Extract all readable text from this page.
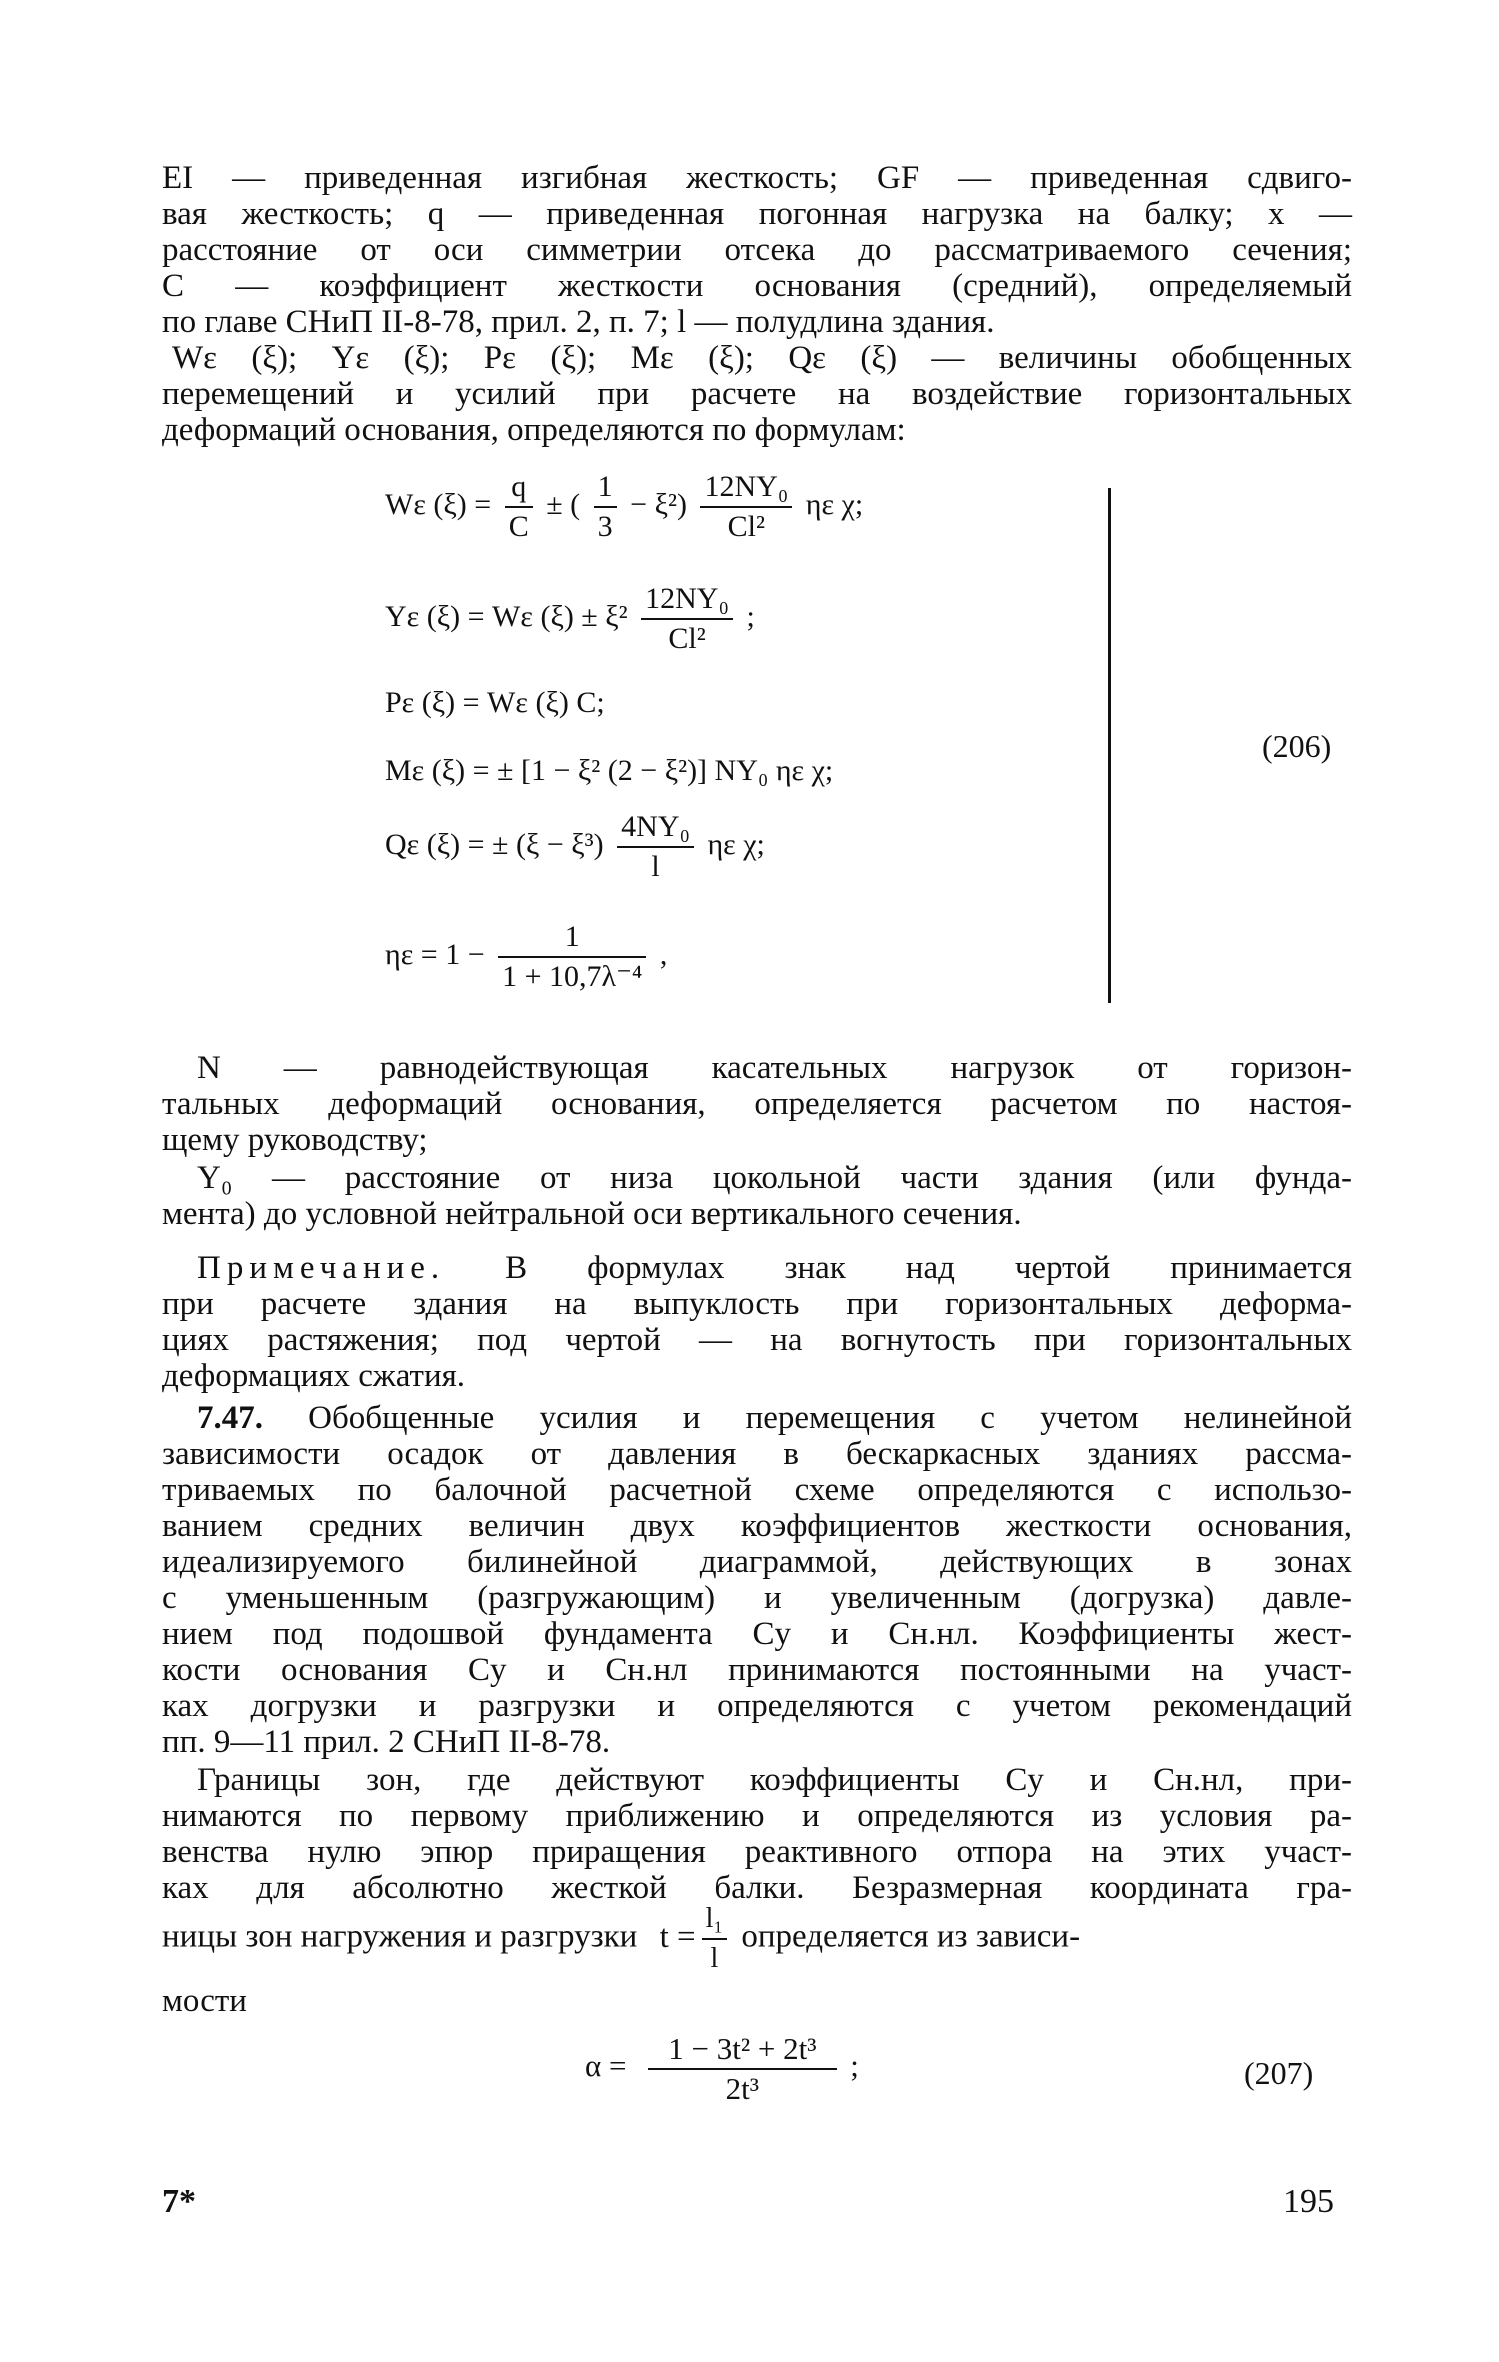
EI — приведенная изгибная жесткость; GF — приведенная сдвиго-
вая жесткость; q — приведенная погонная нагрузка на балку; x —
расстояние от оси симметрии отсека до рассматриваемого сечения;
C — коэффициент жесткости основания (средний), определяемый
по главе СНиП II-8-78, прил. 2, п. 7; l — полудлина здания.
Wε (ξ); Yε (ξ); Pε (ξ); Mε (ξ); Qε (ξ) — величины обобщенных
перемещений и усилий при расчете на воздействие горизонтальных
деформаций основания, определяются по формулам:
Wε $(\xi) = \frac{q}{C}$ ± ( $\frac{1}{3} - \xi^2) \frac{\text{12NY₀}}{\text{Cl²}}$ ηε χ;
Yε (ξ) = Wε $(\xi) \pm \xi^2 \frac{\text{12NY₀}}{\text{Cl²}}$ ;
Pε (ξ) = Wε (ξ) C;
Mε (ξ) = ± [1 − ξ² (2 − ξ²)] NY₀ ηε χ;
Qε (ξ) = ± $(\xi - \xi^3) \frac{\text{4NY₀}}{l}$ ηε χ;
$\eta\varepsilon = 1 - \frac{1}{\text{1 + 10,7λ⁻⁴}}$ ,
(206)
N — равнодействующая касательных нагрузок от горизон-
тальных деформаций основания, определяется расчетом по настоя-
щему руководству;
Y₀ — расстояние от низа цокольной части здания (или фунда-
мента) до условной нейтральной оси вертикального сечения.
Примечание. В формулах знак над чертой принимается
при расчете здания на выпуклость при горизонтальных деформа-
циях растяжения; под чертой — на вогнутость при горизонтальных
деформациях сжатия.
7.47. Обобщенные усилия и перемещения с учетом нелинейной
зависимости осадок от давления в бескаркасных зданиях рассма-
триваемых по балочной расчетной схеме определяются с использо-
ванием средних величин двух коэффициентов жесткости основания,
идеализируемого билинейной диаграммой, действующих в зонах
с уменьшенным (разгружающим) и увеличенным (догрузка) давле-
нием под подошвой фундамента Cy и Cн.нл. Коэффициенты жест-
кости основания Cy и Cн.нл принимаются постоянными на участ-
ках догрузки и разгрузки и определяются с учетом рекомендаций
пп. 9—11 прил. 2 СНиП II-8-78.
Границы зон, где действуют коэффициенты Cy и Cн.нл, при-
нимаются по первому приближению и определяются из условия ра-
венства нулю эпюр приращения реактивного отпора на этих участ-
ках для абсолютно жесткой балки. Безразмерная координата гра-
ницы зон нагружения и разгрузки $t = \frac{\text{l₁}}{l}$ определяется из зависи-
мости
$\alpha = \frac{\text{1 − 3t² + 2t³}}{\text{2t³}}$ ;	(207)
7*	195
